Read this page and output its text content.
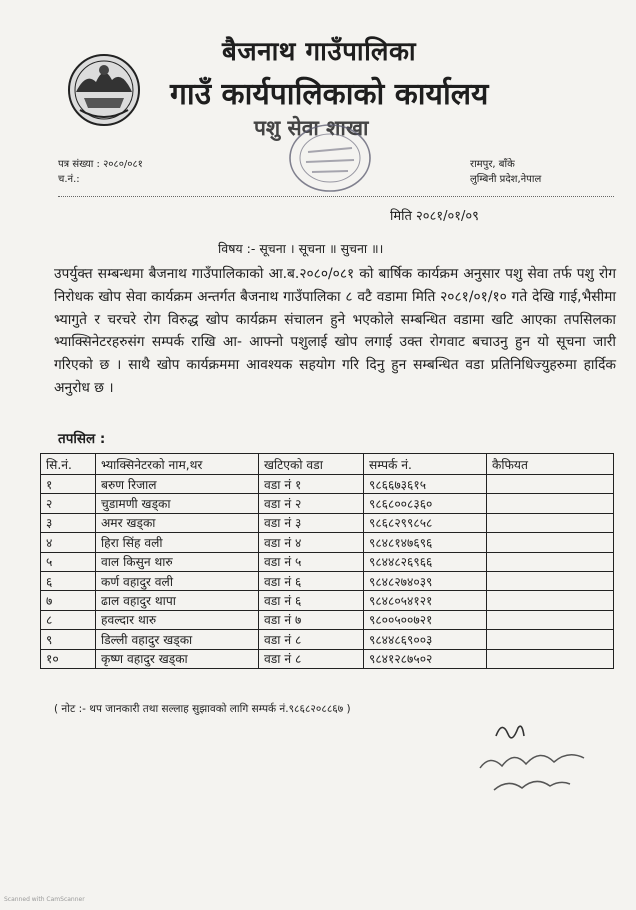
बैजनाथ गाउँपालिका
गाउँ कार्यपालिकाको कार्यालय
पशु सेवा शाखा
पत्र संख्या : २०८०/०८१
च.नं.:
रामपुर, बाँके
लुम्बिनी प्रदेश,नेपाल
मिति २०८१/०१/०९
विषय :- सूचना । सूचना ॥ सुचना ॥।
उपर्युक्त सम्बन्धमा बैजनाथ गाउँपालिकाको आ.ब.२०८०/०८१ को बार्षिक कार्यक्रम अनुसार पशु सेवा तर्फ पशु रोग निरोधक खोप सेवा कार्यक्रम अन्तर्गत बैजनाथ गाउँपालिका ८ वटै वडामा मिति २०८१/०१/१० गते देखि गाई,भैसीमा भ्यागुते र चरचरे रोग विरुद्ध खोप कार्यक्रम संचालन हुने भएकोले सम्बन्धित वडामा खटि आएका तपसिलका भ्याक्सिनेटरहरुसंग सम्पर्क राखि आ- आफ्नो पशुलाई खोप लगाई उक्त रोगवाट बचाउनु हुन यो सूचना जारी गरिएको छ । साथै खोप कार्यक्रममा आवश्यक सहयोग गरि दिनु हुन सम्बन्धित वडा प्रतिनिधिज्युहरुमा हार्दिक अनुरोध छ ।
तपसिल :
सि.नं.	भ्याक्सिनेटरको नाम,थर	खटिएको वडा	सम्पर्क नं.	कैफियत
१	बरुण रिजाल	वडा नं १	९८६६७३६१५	
२	चुडामणी खड्का	वडा नं २	९८६८००८३६०	
३	अमर खड्का	वडा नं ३	९८६८२९९८५८	
४	हिरा सिंह वली	वडा नं ४	९८४८१४७६९६	
५	वाल किसुन थारु	वडा नं ५	९८४४८२६९६६	
६	कर्ण वहादुर वली	वडा नं ६	९८४८२७४०३९	
७	ढाल वहादुर थापा	वडा नं ६	९८४८०५४१२१	
८	हवल्दार थारु	वडा नं ७	९८००५००७२१	
९	डिल्ली वहादुर खड्का	वडा नं ८	९८४४८६९००३	
१०	कृष्ण वहादुर खड्का	वडा नं ८	९८४१२८७५०२	
( नोट :- थप जानकारी तथा सल्लाह सुझावको लागि सम्पर्क नं.९८६८२०८८६७ )
Scanned with CamScanner
